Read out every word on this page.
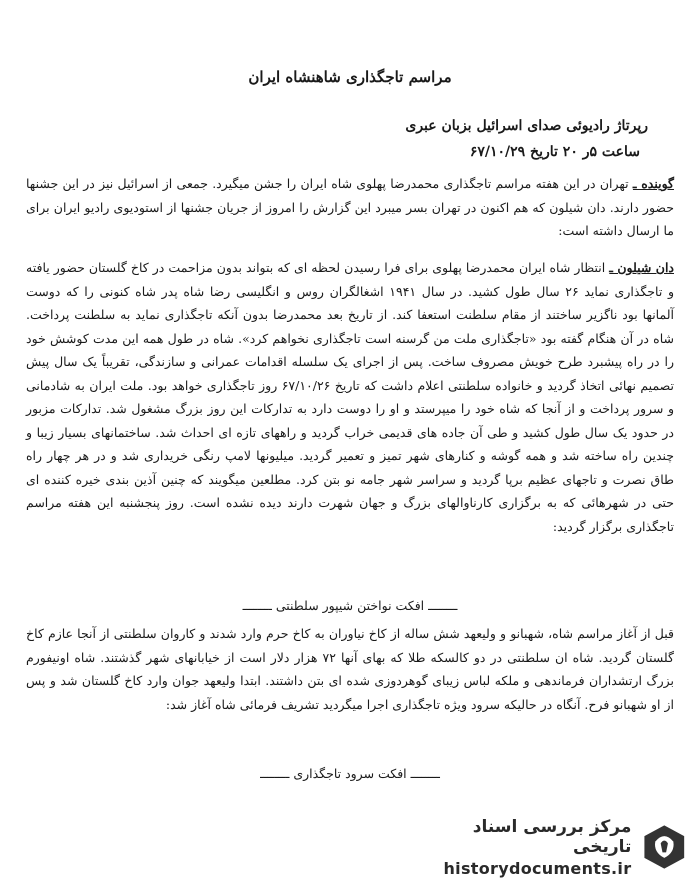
مراسم تاجگذاری شاهنشاه ایران
رپرتاژ رادیوئی صدای اسرائیل بزبان عبری
ساعت ۵ر ۲۰ تاریخ ۶۷/۱۰/۲۹
گوینده ـ تهران در این هفته مراسم تاجگذاری محمدرضا پهلوی شاه ایران را جشن میگیرد. جمعی از اسرائیل نیز در این جشنها حضور دارند. دان شیلون که هم اکنون در تهران بسر میبرد این گزارش را امروز از جریان جشنها از استودیوی رادیو ایران برای ما ارسال داشته است:
دان شیلون ـ انتظار شاه ایران محمدرضا پهلوی برای فرا رسیدن لحظه ای که بتواند بدون مزاحمت در کاخ گلستان حضور یافته و تاجگذاری نماید ۲۶ سال طول کشید. در سال ۱۹۴۱ اشغالگران روس و انگلیسی رضا شاه پدر شاه کنونی را که دوست آلمانها بود ناگزیر ساختند از مقام سلطنت استعفا کند. از تاریخ بعد محمدرضا بدون آنکه تاجگذاری نماید به سلطنت پرداخت. شاه در آن هنگام گفته بود «تاجگذاری ملت من گرسنه است تاجگذاری نخواهم کرد». شاه در طول همه این مدت کوشش خود را در راه پیشبرد طرح خویش مصروف ساخت. پس از اجرای یک سلسله اقدامات عمرانی و سازندگی، تقریباً یک سال پیش تصمیم نهائی اتخاذ گردید و خانواده سلطنتی اعلام داشت که تاریخ ۶۷/۱۰/۲۶ روز تاجگذاری خواهد بود. ملت ایران به شادمانی و سرور پرداخت و از آنجا که شاه خود را میپرستد و او را دوست دارد به تدارکات این روز بزرگ مشغول شد. تدارکات مزبور در حدود یک سال طول کشید و طی آن جاده های قدیمی خراب گردید و راههای تازه ای احداث شد. ساختمانهای بسیار زیبا و چندین راه ساخته شد و همه گوشه و کنارهای شهر تمیز و تعمیر گردید. میلیونها لامپ رنگی خریداری شد و در هر چهار راه طاق نصرت و تاجهای عظیم برپا گردید و سراسر شهر جامه نو بتن کرد. مطلعین میگویند که چنین آذین بندی خیره کننده ای حتی در شهرهائی که به برگزاری کارناوالهای بزرگ و جهان شهرت دارند دیده نشده است. روز پنجشنبه این هفته مراسم تاجگذاری برگزار گردید:
ــــــــ افکت نواختن شیپور سلطنتی ــــــــ
قبل از آغاز مراسم شاه، شهبانو و ولیعهد شش ساله از کاخ نیاوران به کاخ حرم وارد شدند و کاروان سلطنتی از آنجا عازم کاخ گلستان گردید. شاه ان سلطنتی در دو کالسکه طلا که بهای آنها ۷۲ هزار دلار است از خیابانهای شهر گذشتند. شاه اونیفورم بزرگ ارتشداران فرماندهی و ملکه لباس زیبای گوهردوزی شده ای بتن داشتند. ابتدا ولیعهد جوان وارد کاخ گلستان شد و پس از او شهبانو فرح. آنگاه در حالیکه سرود ویژه تاجگذاری اجرا میگردید تشریف فرمائی شاه آغاز شد:
ــــــــ افکت سرود تاجگذاری ــــــــ
مرکز بررسی اسناد تاریخی
historydocuments.ir
